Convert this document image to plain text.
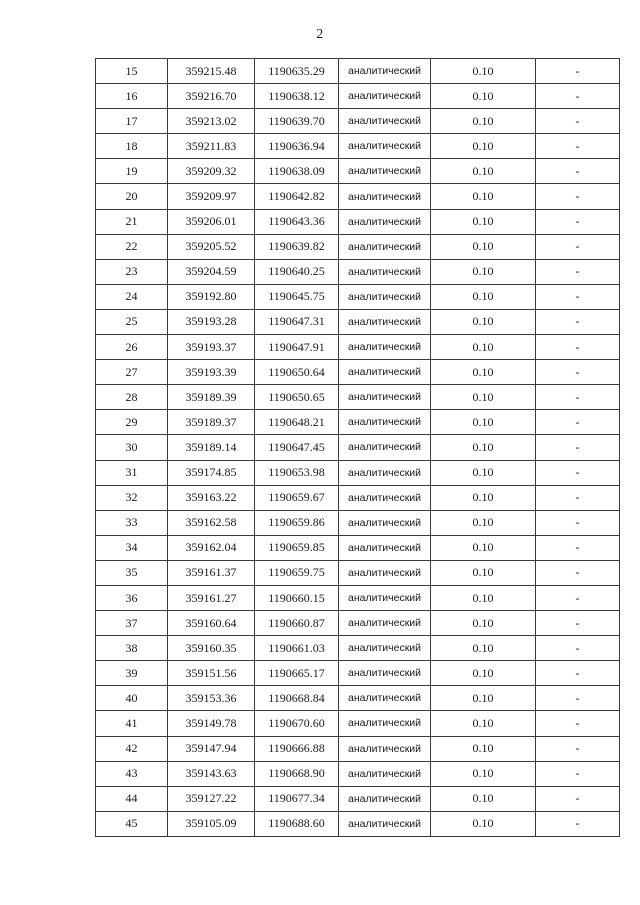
2
15	359215.48	1190635.29	аналитический	0.10	-
16	359216.70	1190638.12	аналитический	0.10	-
17	359213.02	1190639.70	аналитический	0.10	-
18	359211.83	1190636.94	аналитический	0.10	-
19	359209.32	1190638.09	аналитический	0.10	-
20	359209.97	1190642.82	аналитический	0.10	-
21	359206.01	1190643.36	аналитический	0.10	-
22	359205.52	1190639.82	аналитический	0.10	-
23	359204.59	1190640.25	аналитический	0.10	-
24	359192.80	1190645.75	аналитический	0.10	-
25	359193.28	1190647.31	аналитический	0.10	-
26	359193.37	1190647.91	аналитический	0.10	-
27	359193.39	1190650.64	аналитический	0.10	-
28	359189.39	1190650.65	аналитический	0.10	-
29	359189.37	1190648.21	аналитический	0.10	-
30	359189.14	1190647.45	аналитический	0.10	-
31	359174.85	1190653.98	аналитический	0.10	-
32	359163.22	1190659.67	аналитический	0.10	-
33	359162.58	1190659.86	аналитический	0.10	-
34	359162.04	1190659.85	аналитический	0.10	-
35	359161.37	1190659.75	аналитический	0.10	-
36	359161.27	1190660.15	аналитический	0.10	-
37	359160.64	1190660.87	аналитический	0.10	-
38	359160.35	1190661.03	аналитический	0.10	-
39	359151.56	1190665.17	аналитический	0.10	-
40	359153.36	1190668.84	аналитический	0.10	-
41	359149.78	1190670.60	аналитический	0.10	-
42	359147.94	1190666.88	аналитический	0.10	-
43	359143.63	1190668.90	аналитический	0.10	-
44	359127.22	1190677.34	аналитический	0.10	-
45	359105.09	1190688.60	аналитический	0.10	-
